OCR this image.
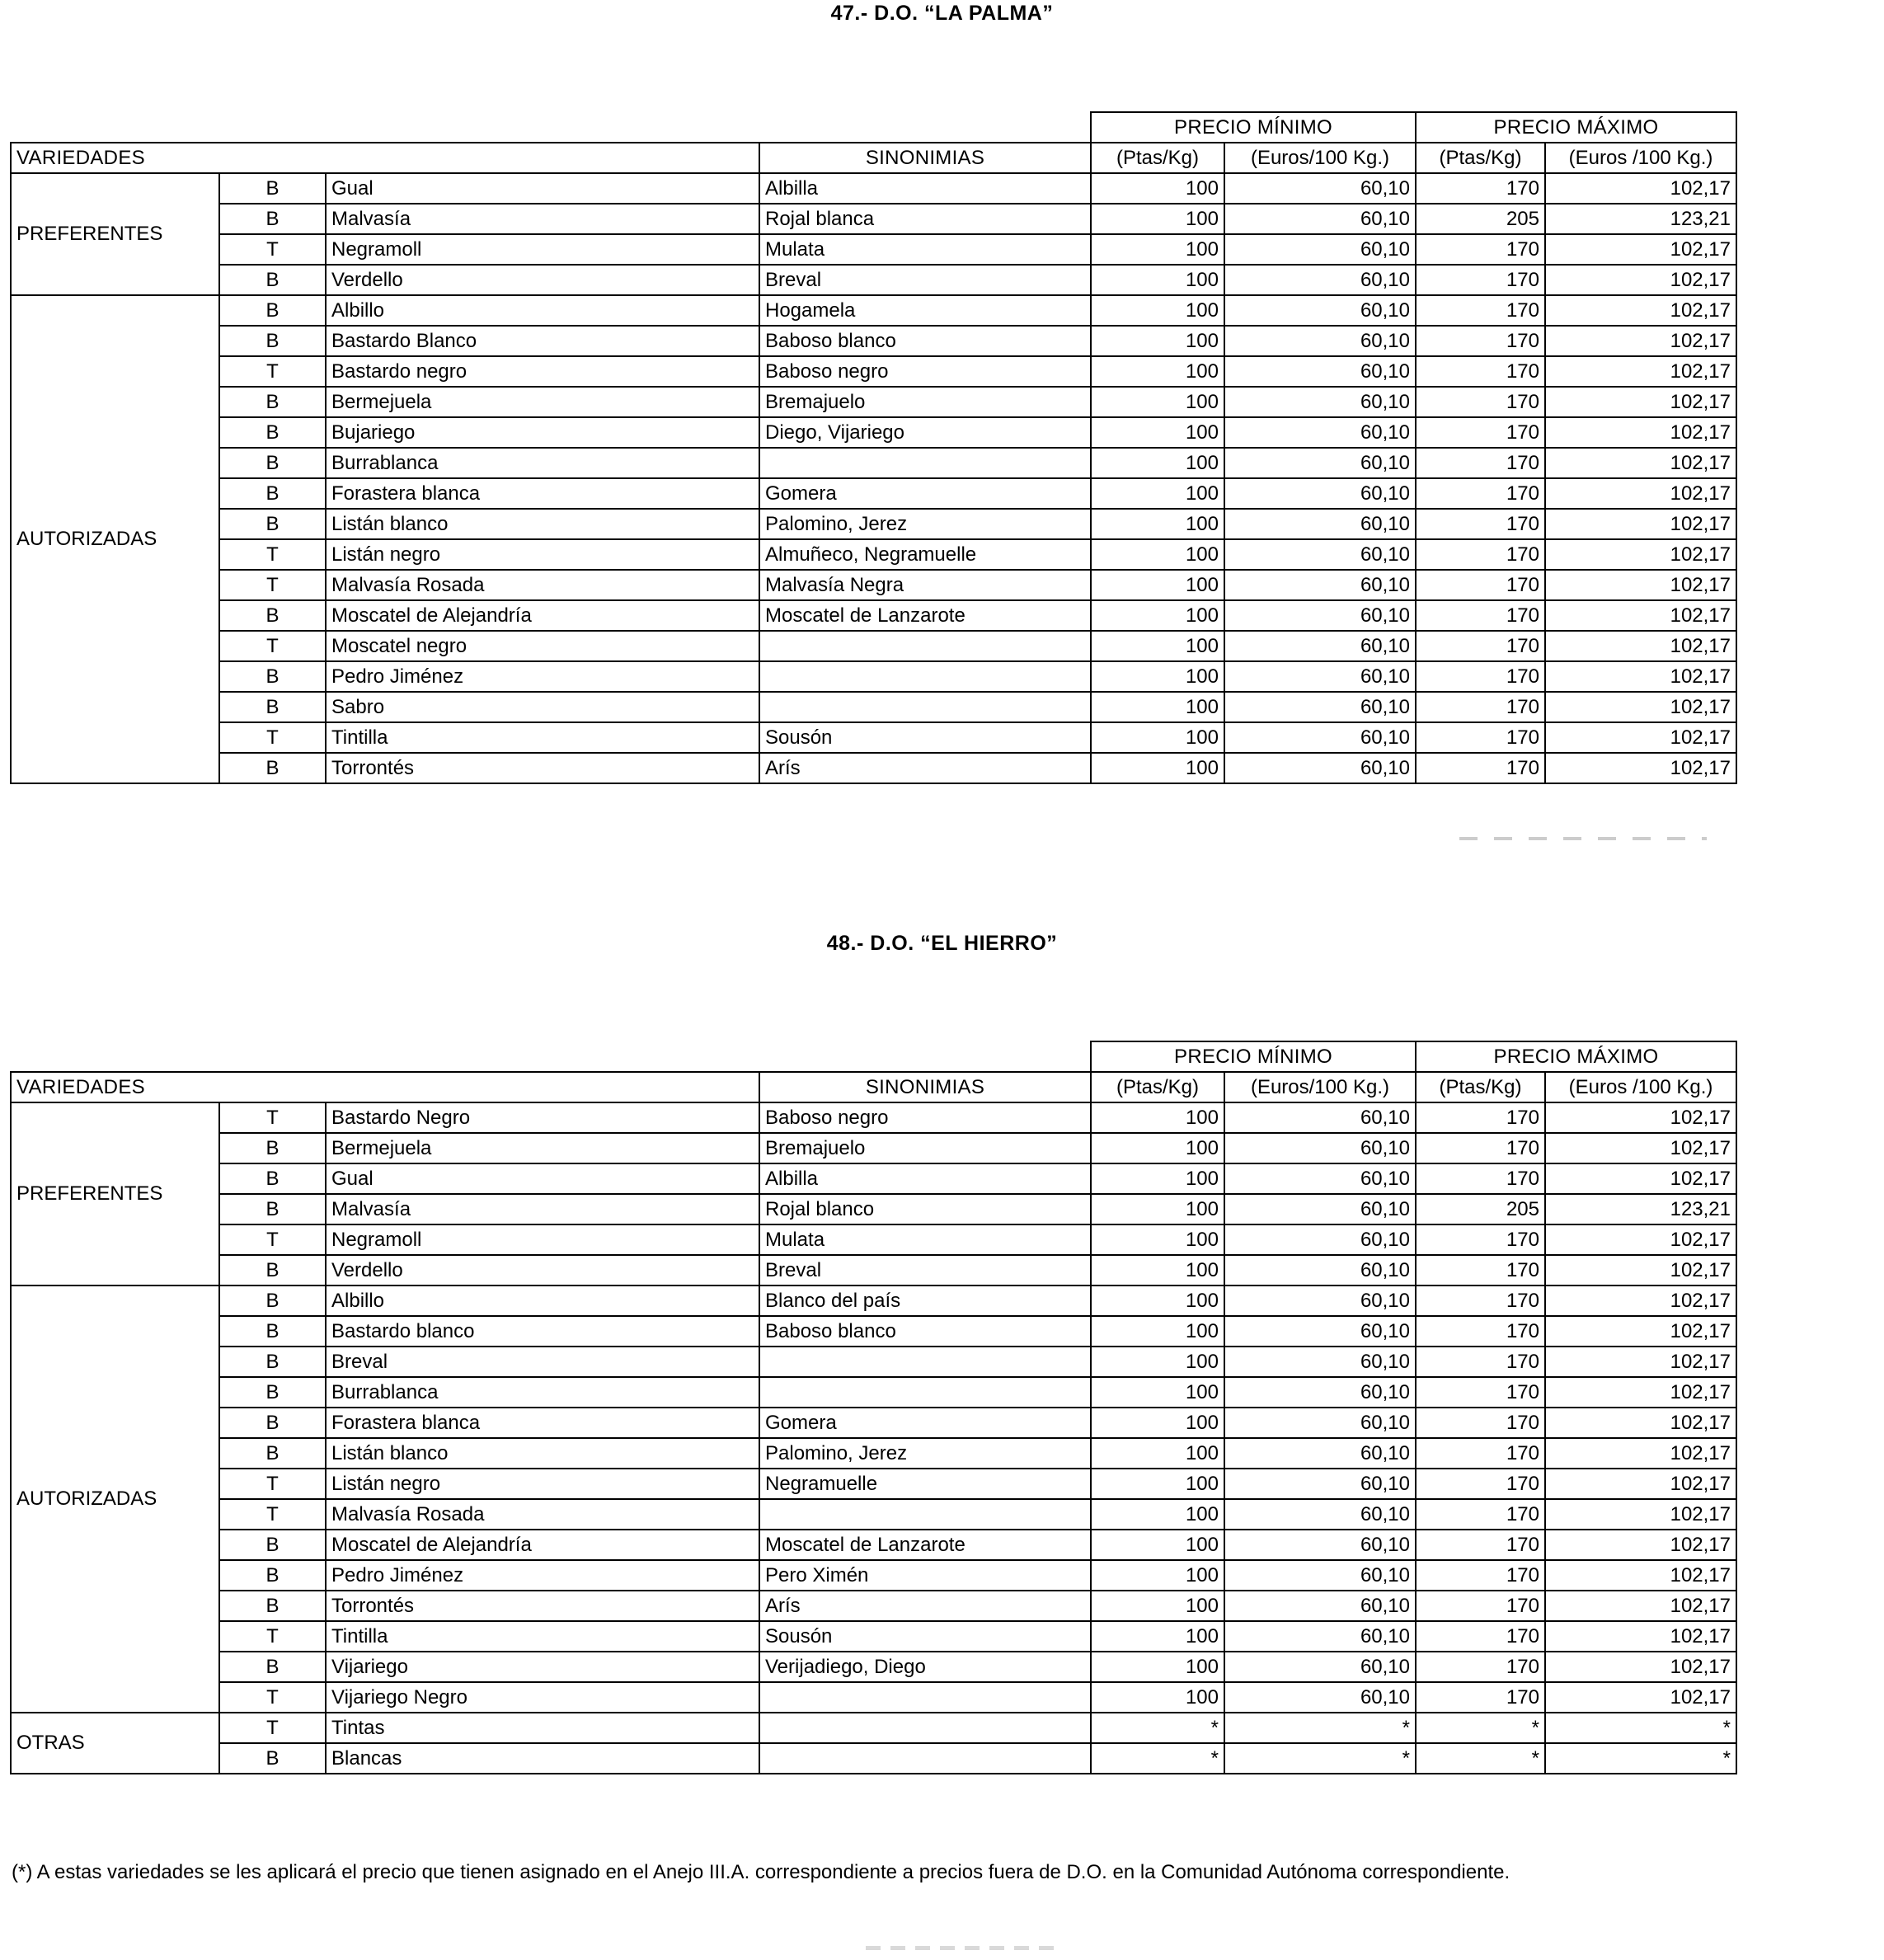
47.- D.O. “LA PALMA”
				PRECIO MÍNIMO		PRECIO MÁXIMO	
VARIEDADES			SINONIMIAS	(Ptas/Kg)	(Euros/100 Kg.)	(Ptas/Kg)	(Euros /100 Kg.)
PREFERENTES	B	Gual	Albilla	100	60,10	170	102,17
	B	Malvasía	Rojal blanca	100	60,10	205	123,21
	T	Negramoll	Mulata	100	60,10	170	102,17
	B	Verdello	Breval	100	60,10	170	102,17
AUTORIZADAS	B	Albillo	Hogamela	100	60,10	170	102,17
	B	Bastardo Blanco	Baboso blanco	100	60,10	170	102,17
	T	Bastardo negro	Baboso negro	100	60,10	170	102,17
	B	Bermejuela	Bremajuelo	100	60,10	170	102,17
	B	Bujariego	Diego, Vijariego	100	60,10	170	102,17
	B	Burrablanca		100	60,10	170	102,17
	B	Forastera blanca	Gomera	100	60,10	170	102,17
	B	Listán blanco	Palomino, Jerez	100	60,10	170	102,17
	T	Listán negro	Almuñeco, Negramuelle	100	60,10	170	102,17
	T	Malvasía Rosada	Malvasía Negra	100	60,10	170	102,17
	B	Moscatel de Alejandría	Moscatel de Lanzarote	100	60,10	170	102,17
	T	Moscatel negro		100	60,10	170	102,17
	B	Pedro Jiménez		100	60,10	170	102,17
	B	Sabro		100	60,10	170	102,17
	T	Tintilla	Sousón	100	60,10	170	102,17
	B	Torrontés	Arís	100	60,10	170	102,17
48.- D.O. “EL HIERRO”
				PRECIO MÍNIMO		PRECIO MÁXIMO	
VARIEDADES			SINONIMIAS	(Ptas/Kg)	(Euros/100 Kg.)	(Ptas/Kg)	(Euros /100 Kg.)
PREFERENTES	T	Bastardo Negro	Baboso negro	100	60,10	170	102,17
	B	Bermejuela	Bremajuelo	100	60,10	170	102,17
	B	Gual	Albilla	100	60,10	170	102,17
	B	Malvasía	Rojal blanco	100	60,10	205	123,21
	T	Negramoll	Mulata	100	60,10	170	102,17
	B	Verdello	Breval	100	60,10	170	102,17
AUTORIZADAS	B	Albillo	Blanco del país	100	60,10	170	102,17
	B	Bastardo blanco	Baboso blanco	100	60,10	170	102,17
	B	Breval		100	60,10	170	102,17
	B	Burrablanca		100	60,10	170	102,17
	B	Forastera blanca	Gomera	100	60,10	170	102,17
	B	Listán blanco	Palomino, Jerez	100	60,10	170	102,17
	T	Listán negro	Negramuelle	100	60,10	170	102,17
	T	Malvasía Rosada		100	60,10	170	102,17
	B	Moscatel de Alejandría	Moscatel de Lanzarote	100	60,10	170	102,17
	B	Pedro Jiménez	Pero Ximén	100	60,10	170	102,17
	B	Torrontés	Arís	100	60,10	170	102,17
	T	Tintilla	Sousón	100	60,10	170	102,17
	B	Vijariego	Verijadiego, Diego	100	60,10	170	102,17
	T	Vijariego Negro		100	60,10	170	102,17
OTRAS	T	Tintas		*	*	*	*
	B	Blancas		*	*	*	*
(*) A estas variedades se les aplicará el precio que tienen asignado en el Anejo III.A. correspondiente a precios fuera de D.O. en la Comunidad Autónoma correspondiente.
